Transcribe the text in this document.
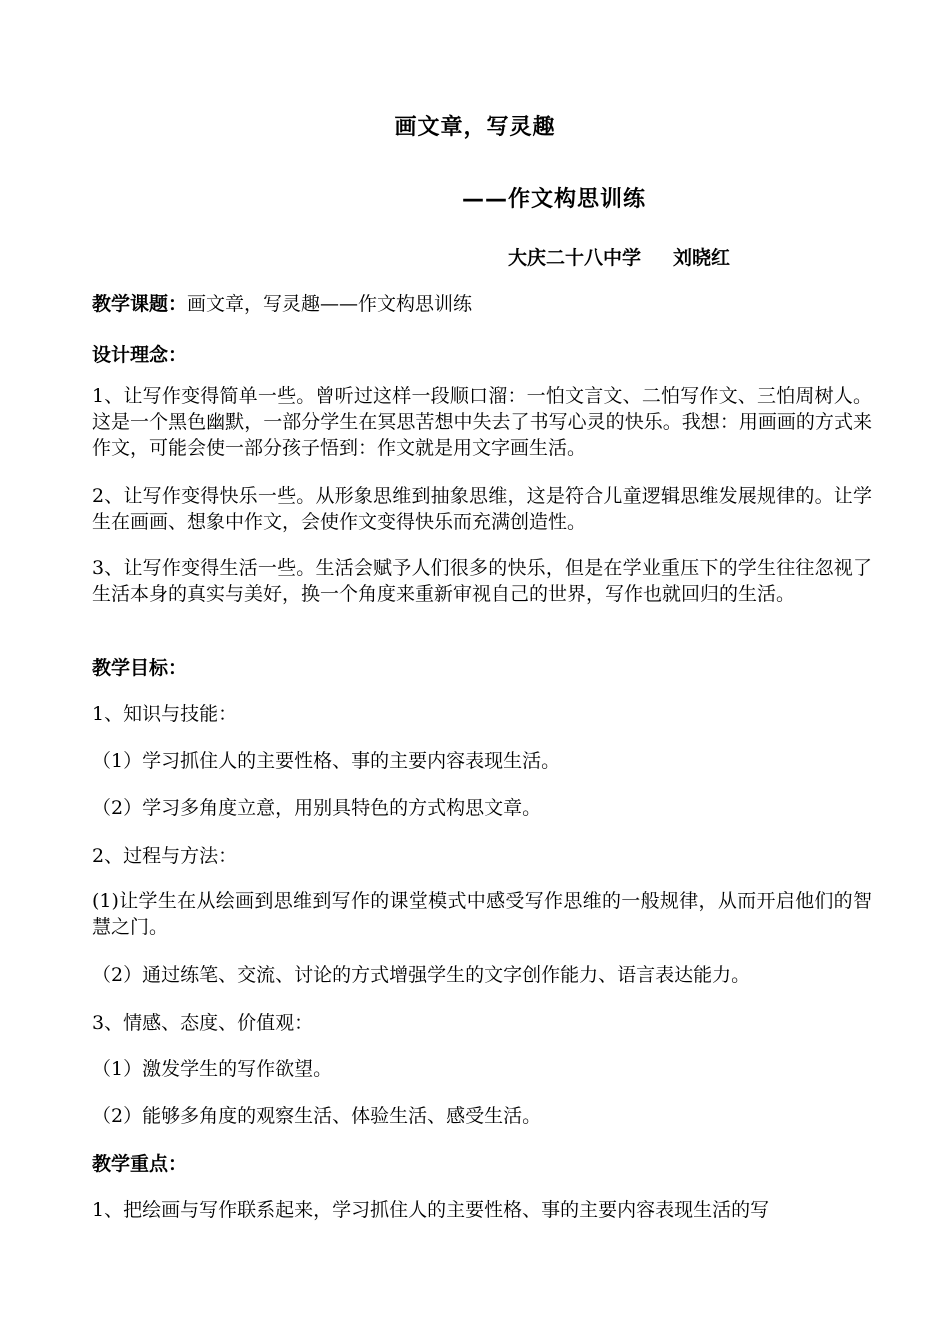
画文章，写灵趣
——作文构思训练

大庆二十八中学 刘晓红

教学课题：画文章，写灵趣——作文构思训练

设计理念：

1、让写作变得简单一些。曾听过这样一段顺口溜：一怕文言文、二怕写作文、三怕周树人。这是一个黑色幽默，一部分学生在冥思苦想中失去了书写心灵的快乐。我想：用画画的方式来作文，可能会使一部分孩子悟到：作文就是用文字画生活。

2、让写作变得快乐一些。从形象思维到抽象思维，这是符合儿童逻辑思维发展规律的。让学生在画画、想象中作文，会使作文变得快乐而充满创造性。

3、让写作变得生活一些。生活会赋予人们很多的快乐，但是在学业重压下的学生往往忽视了生活本身的真实与美好，换一个角度来重新审视自己的世界，写作也就回归的生活。

教学目标：

1、知识与技能：

（1）学习抓住人的主要性格、事的主要内容表现生活。

（2）学习多角度立意，用别具特色的方式构思文章。

2、过程与方法：

(1)让学生在从绘画到思维到写作的课堂模式中感受写作思维的一般规律，从而开启他们的智慧之门。

（2）通过练笔、交流、讨论的方式增强学生的文字创作能力、语言表达能力。

3、情感、态度、价值观：

（1）激发学生的写作欲望。

（2）能够多角度的观察生活、体验生活、感受生活。

教学重点：

1、把绘画与写作联系起来，学习抓住人的主要性格、事的主要内容表现生活的写
